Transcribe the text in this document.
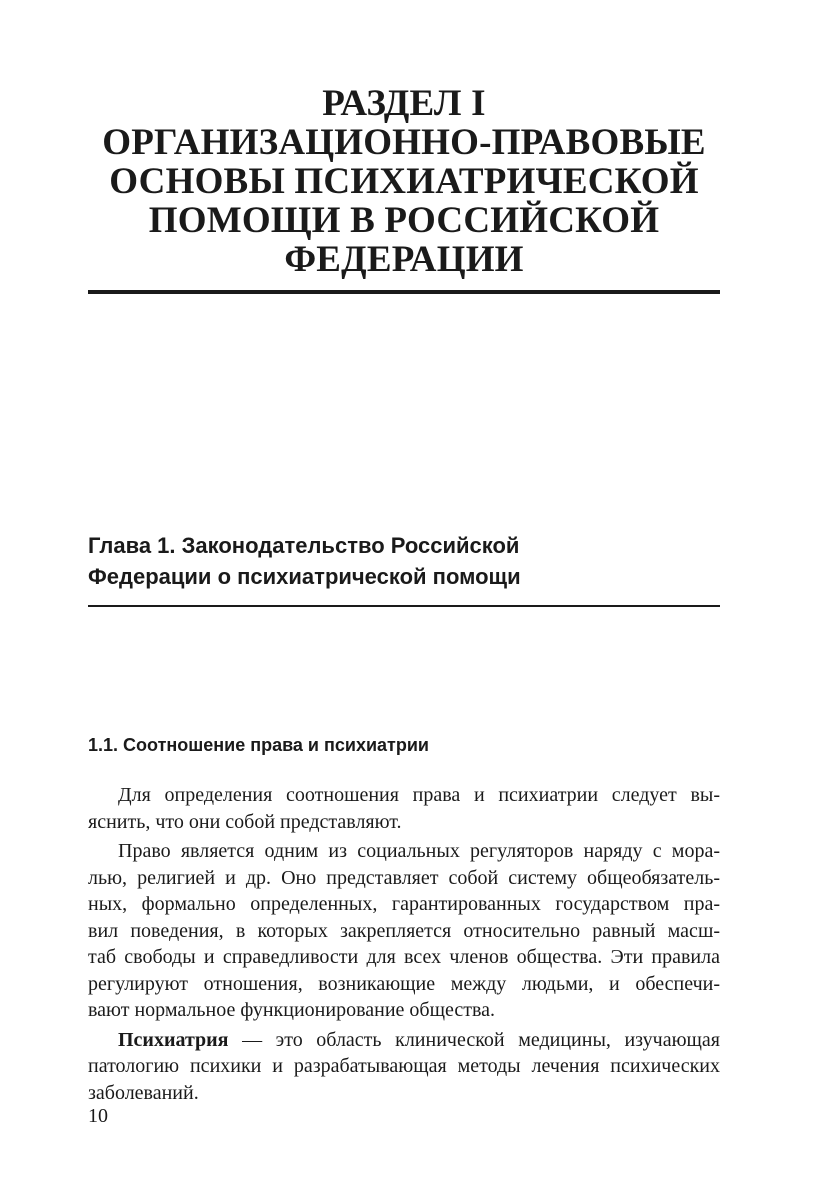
РАЗДЕЛ I
ОРГАНИЗАЦИОННО-ПРАВОВЫЕ
ОСНОВЫ ПСИХИАТРИЧЕСКОЙ
ПОМОЩИ В РОССИЙСКОЙ
ФЕДЕРАЦИИ
Глава 1. Законодательство Российской
Федерации о психиатрической помощи
1.1. Соотношение права и психиатрии
Для определения соотношения права и психиатрии следует вы-
яснить, что они собой представляют.
Право является одним из социальных регуляторов наряду с мора-
лью, религией и др. Оно представляет собой систему общеобязатель-
ных, формально определенных, гарантированных государством пра-
вил поведения, в которых закрепляется относительно равный масш-
таб свободы и справедливости для всех членов общества. Эти правила
регулируют отношения, возникающие между людьми, и обеспечи-
вают нормальное функционирование общества.
Психиатрия — это область клинической медицины, изучающая
патологию психики и разрабатывающая методы лечения психических
заболеваний.
10
